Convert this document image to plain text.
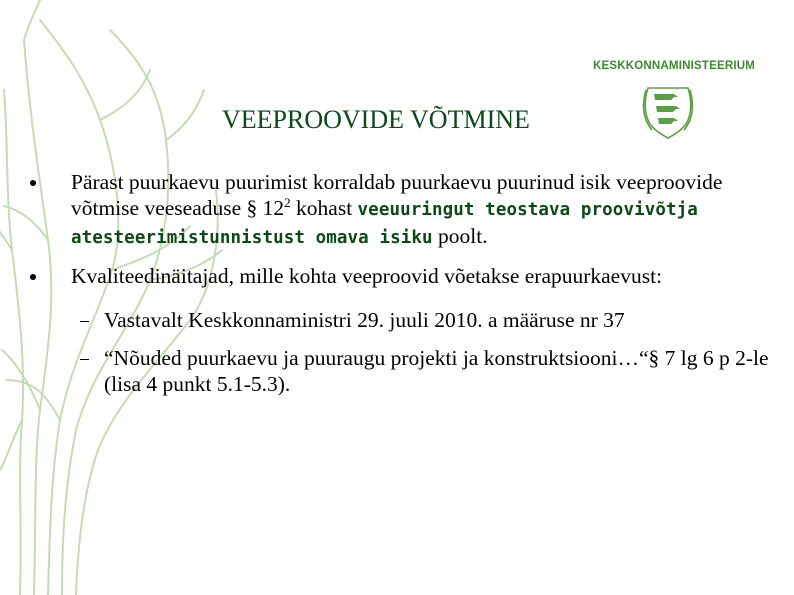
KESKKONNAMINISTEERIUM
VEEPROOVIDE VÕTMINE
Pärast puurkaevu puurimist korraldab puurkaevu puurinud isik veeproovide võtmise veeseaduse § $12^2$ kohast veeuuringut teostava proovivõtja atesteerimistunnistust omava isiku poolt.
Kvaliteedinäitajad, mille kohta veeproovid võetakse erapuurkaevust:
Vastavalt Keskkonnaministri 29. juuli 2010. a määruse nr 37
“Nõuded puurkaevu ja puuraugu projekti ja konstruktsiooni…“§ 7 lg 6 p 2-le (lisa 4 punkt 5.1-5.3).
